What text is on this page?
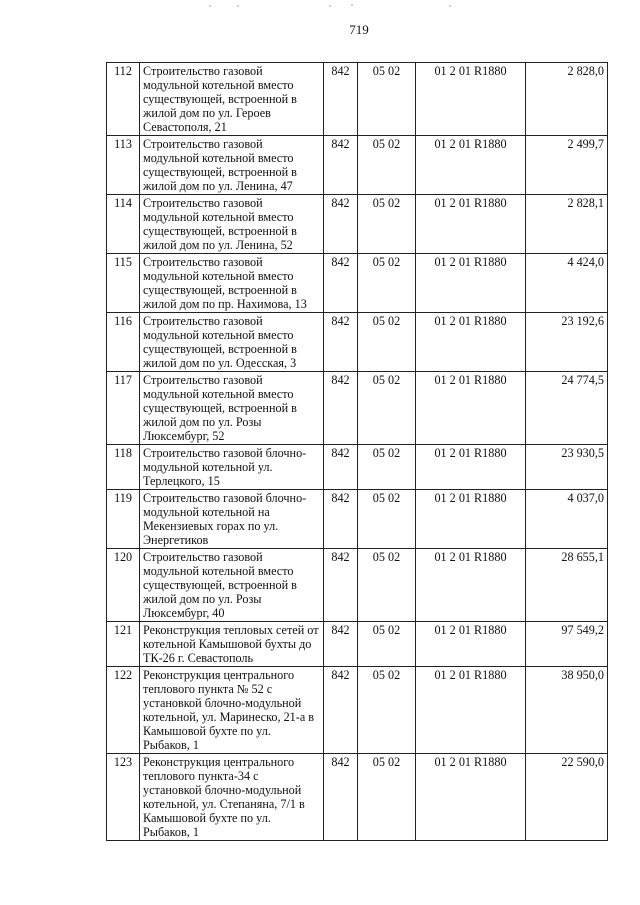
719
112	Строительство газовой модульной котельной вместо существующей, встроенной в жилой дом по ул. Героев Севастополя, 21	842	05 02	01 2 01 R1880	2 828,0
113	Строительство газовой модульной котельной вместо существующей, встроенной в жилой дом по ул. Ленина, 47	842	05 02	01 2 01 R1880	2 499,7
114	Строительство газовой модульной котельной вместо существующей, встроенной в жилой дом по ул. Ленина, 52	842	05 02	01 2 01 R1880	2 828,1
115	Строительство газовой модульной котельной вместо существующей, встроенной в жилой дом по пр. Нахимова, 13	842	05 02	01 2 01 R1880	4 424,0
116	Строительство газовой модульной котельной вместо существующей, встроенной в жилой дом по ул. Одесская, 3	842	05 02	01 2 01 R1880	23 192,6
117	Строительство газовой модульной котельной вместо существующей, встроенной в жилой дом по ул. Розы Люксембург, 52	842	05 02	01 2 01 R1880	24 774,5
118	Строительство газовой блочно-модульной котельной ул. Терлецкого, 15	842	05 02	01 2 01 R1880	23 930,5
119	Строительство газовой блочно-модульной котельной на Мекензиевых горах по ул. Энергетиков	842	05 02	01 2 01 R1880	4 037,0
120	Строительство газовой модульной котельной вместо существующей, встроенной в жилой дом по ул. Розы Люксембург, 40	842	05 02	01 2 01 R1880	28 655,1
121	Реконструкция тепловых сетей от котельной Камышовой бухты до ТК-26 г. Севастополь	842	05 02	01 2 01 R1880	97 549,2
122	Реконструкция центрального теплового пункта № 52 с установкой блочно-модульной котельной, ул. Маринеско, 21-а в Камышовой бухте по ул. Рыбаков, 1	842	05 02	01 2 01 R1880	38 950,0
123	Реконструкция центрального теплового пункта-34 с установкой блочно-модульной котельной, ул. Степаняна, 7/1 в Камышовой бухте по ул. Рыбаков, 1	842	05 02	01 2 01 R1880	22 590,0
